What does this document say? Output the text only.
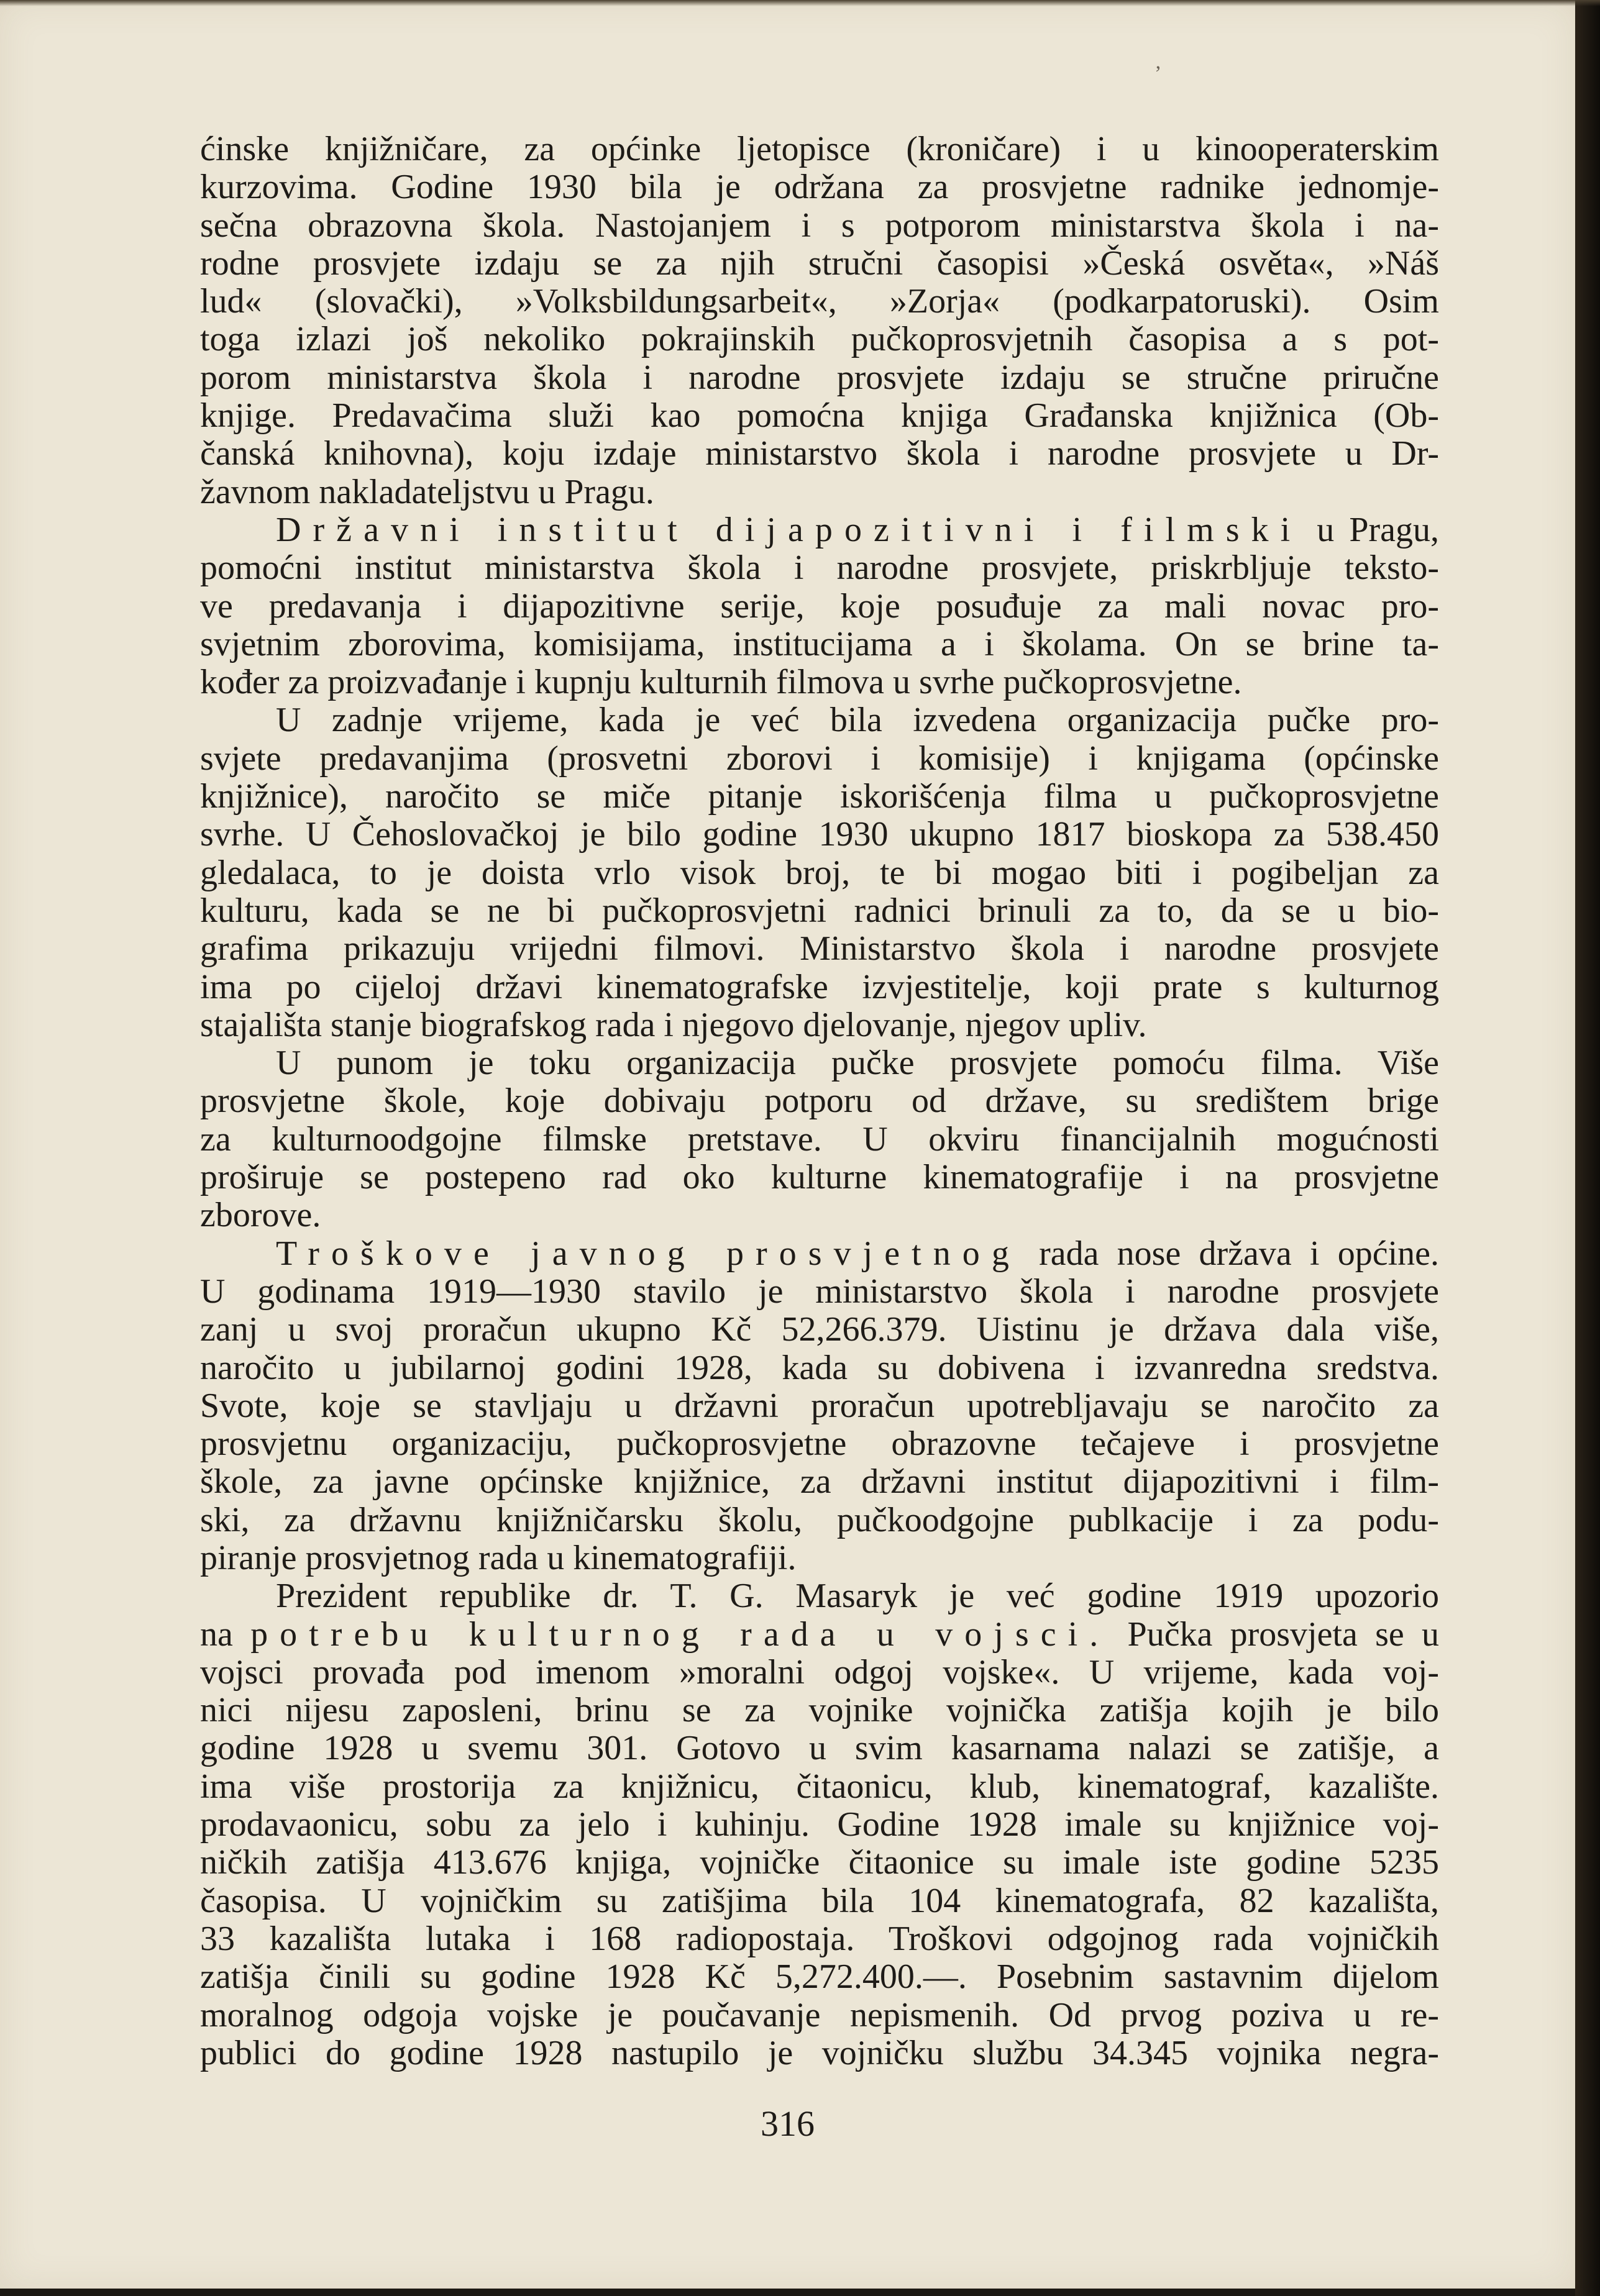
ʼ
ćinske knjižničare, za općinke ljetopisce (kroničare) i u kinooperaterskim
kurzovima. Godine 1930 bila je održana za prosvjetne radnike jednomje-
sečna obrazovna škola. Nastojanjem i s potporom ministarstva škola i na-
rodne prosvjete izdaju se za njih stručni časopisi »Česká osvěta«, »Náš
lud« (slovački), »Volksbildungsarbeit«, »Zorja« (podkarpatoruski). Osim
toga izlazi još nekoliko pokrajinskih pučkoprosvjetnih časopisa a s pot-
porom ministarstva škola i narodne prosvjete izdaju se stručne priručne
knjige. Predavačima služi kao pomoćna knjiga Građanska knjižnica (Ob-
čanská knihovna), koju izdaje ministarstvo škola i narodne prosvjete u Dr-
žavnom nakladateljstvu u Pragu.
Državni institut dijapozitivni i filmski u Pragu,
pomoćni institut ministarstva škola i narodne prosvjete, priskrbljuje teksto-
ve predavanja i dijapozitivne serije, koje posuđuje za mali novac pro-
svjetnim zborovima, komisijama, institucijama a i školama. On se brine ta-
kođer za proizvađanje i kupnju kulturnih filmova u svrhe pučkoprosvjetne.
U zadnje vrijeme, kada je već bila izvedena organizacija pučke pro-
svjete predavanjima (prosvetni zborovi i komisije) i knjigama (općinske
knjižnice), naročito se miče pitanje iskorišćenja filma u pučkoprosvjetne
svrhe. U Čehoslovačkoj je bilo godine 1930 ukupno 1817 bioskopa za 538.450
gledalaca, to je doista vrlo visok broj, te bi mogao biti i pogibeljan za
kulturu, kada se ne bi pučkoprosvjetni radnici brinuli za to, da se u bio-
grafima prikazuju vrijedni filmovi. Ministarstvo škola i narodne prosvjete
ima po cijeloj državi kinematografske izvjestitelje, koji prate s kulturnog
stajališta stanje biografskog rada i njegovo djelovanje, njegov upliv.
U punom je toku organizacija pučke prosvjete pomoću filma. Više
prosvjetne škole, koje dobivaju potporu od države, su središtem brige
za kulturnoodgojne filmske pretstave. U okviru financijalnih mogućnosti
proširuje se postepeno rad oko kulturne kinematografije i na prosvjetne
zborove.
Troškove javnog prosvjetnog rada nose država i općine.
U godinama 1919—1930 stavilo je ministarstvo škola i narodne prosvjete
zanj u svoj proračun ukupno Kč 52,266.379. Uistinu je država dala više,
naročito u jubilarnoj godini 1928, kada su dobivena i izvanredna sredstva.
Svote, koje se stavljaju u državni proračun upotrebljavaju se naročito za
prosvjetnu organizaciju, pučkoprosvjetne obrazovne tečajeve i prosvjetne
škole, za javne općinske knjižnice, za državni institut dijapozitivni i film-
ski, za državnu knjižničarsku školu, pučkoodgojne publkacije i za podu-
piranje prosvjetnog rada u kinematografiji.
Prezident republike dr. T. G. Masaryk je već godine 1919 upozorio
na potrebu kulturnog rada u vojsci. Pučka prosvjeta se u
vojsci provađa pod imenom »moralni odgoj vojske«. U vrijeme, kada voj-
nici nijesu zaposleni, brinu se za vojnike vojnička zatišja kojih je bilo
godine 1928 u svemu 301. Gotovo u svim kasarnama nalazi se zatišje, a
ima više prostorija za knjižnicu, čitaonicu, klub, kinematograf, kazalište.
prodavaonicu, sobu za jelo i kuhinju. Godine 1928 imale su knjižnice voj-
ničkih zatišja 413.676 knjiga, vojničke čitaonice su imale iste godine 5235
časopisa. U vojničkim su zatišjima bila 104 kinematografa, 82 kazališta,
33 kazališta lutaka i 168 radiopostaja. Troškovi odgojnog rada vojničkih
zatišja činili su godine 1928 Kč 5,272.400.—. Posebnim sastavnim dijelom
moralnog odgoja vojske je poučavanje nepismenih. Od prvog poziva u re-
publici do godine 1928 nastupilo je vojničku službu 34.345 vojnika negra-
316
